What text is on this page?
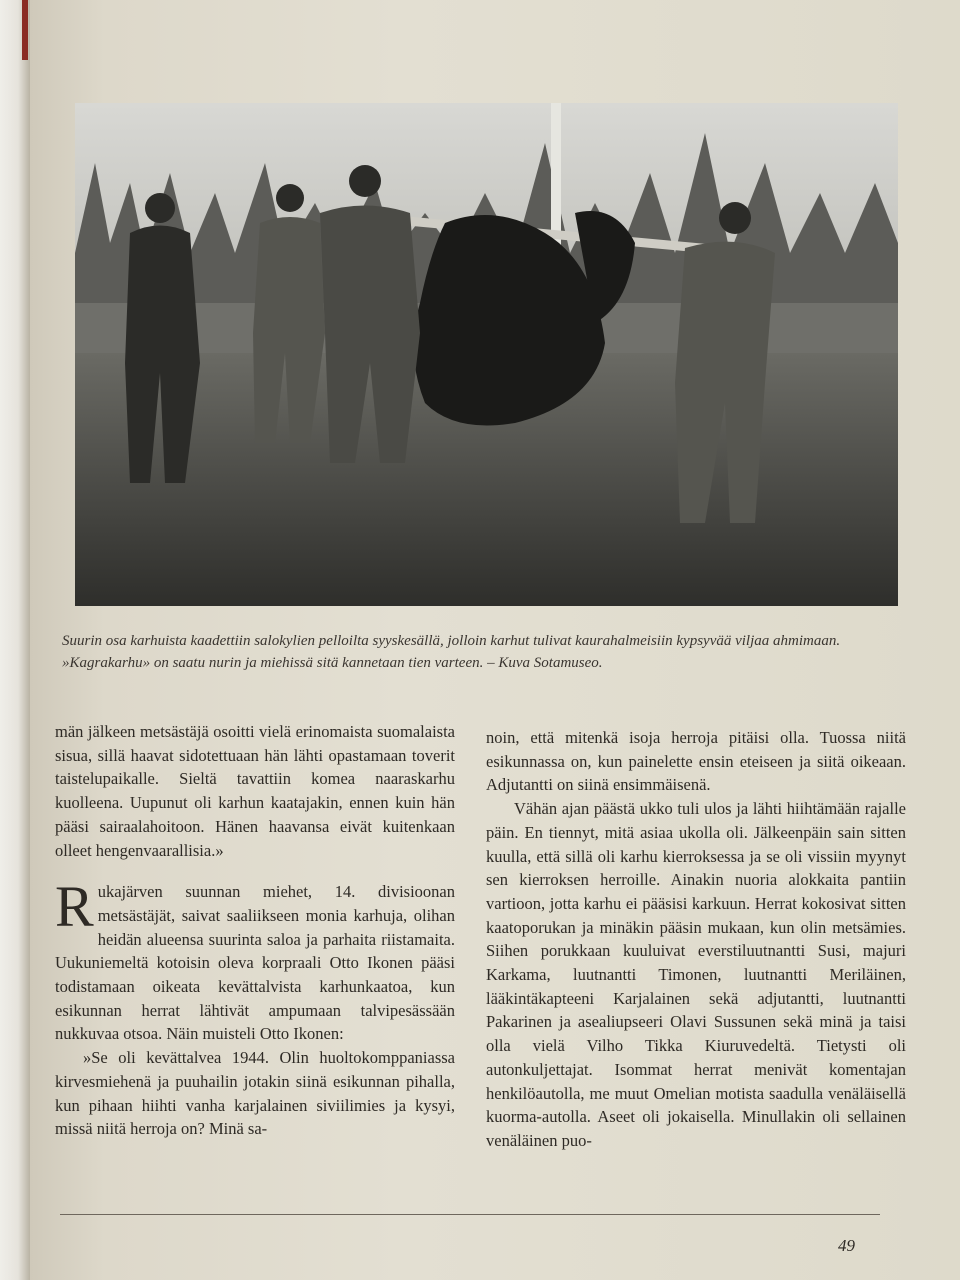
Suurin osa karhuista kaadettiin salokylien pelloilta syyskesällä, jolloin karhut tulivat kaurahalmeisiin kypsyvää viljaa ahmimaan. »Kagrakarhu» on saatu nurin ja miehissä sitä kannetaan tien varteen. – Kuva Sotamuseo.

män jälkeen metsästäjä osoitti vielä erinomaista suomalaista sisua, sillä haavat sidotettuaan hän lähti opastamaan toverit taistelupaikalle. Sieltä tavattiin komea naaraskarhu kuolleena. Uupunut oli karhun kaatajakin, ennen kuin hän pääsi sairaalahoitoon. Hänen haavansa eivät kuitenkaan olleet hengenvaarallisia.»

Rukajärven suunnan miehet, 14. divisioonan metsästäjät, saivat saaliikseen monia karhuja, olihan heidän alueensa suurinta saloa ja parhaita riistamaita. Uukuniemeltä kotoisin oleva korpraali Otto Ikonen pääsi todistamaan oikeata kevättalvista karhunkaatoa, kun esikunnan herrat lähtivät ampumaan talvipesässään nukkuvaa otsoa. Näin muisteli Otto Ikonen:

»Se oli kevättalvea 1944. Olin huoltokomppaniassa kirvesmiehenä ja puuhailin jotakin siinä esikunnan pihalla, kun pihaan hiihti vanha karjalainen siviilimies ja kysyi, missä niitä herroja on? Minä sa-

noin, että mitenkä isoja herroja pitäisi olla. Tuossa niitä esikunnassa on, kun painelette ensin eteiseen ja siitä oikeaan. Adjutantti on siinä ensimmäisenä.

Vähän ajan päästä ukko tuli ulos ja lähti hiihtämään rajalle päin. En tiennyt, mitä asiaa ukolla oli. Jälkeenpäin sain sitten kuulla, että sillä oli karhu kierroksessa ja se oli vissiin myynyt sen kierroksen herroille. Ainakin nuoria alokkaita pantiin vartioon, jotta karhu ei pääsisi karkuun. Herrat kokosivat sitten kaatoporukan ja minäkin pääsin mukaan, kun olin metsämies. Siihen porukkaan kuuluivat everstiluutnantti Susi, majuri Karkama, luutnantti Timonen, luutnantti Meriläinen, lääkintäkapteeni Karjalainen sekä adjutantti, luutnantti Pakarinen ja asealiupseeri Olavi Sussunen sekä minä ja taisi olla vielä Vilho Tikka Kiuruvedeltä. Tietysti oli autonkuljettajat. Isommat herrat menivät komentajan henkilöautolla, me muut Omelian motista saadulla venäläisellä kuorma-autolla. Aseet oli jokaisella. Minullakin oli sellainen venäläinen puo-

49
